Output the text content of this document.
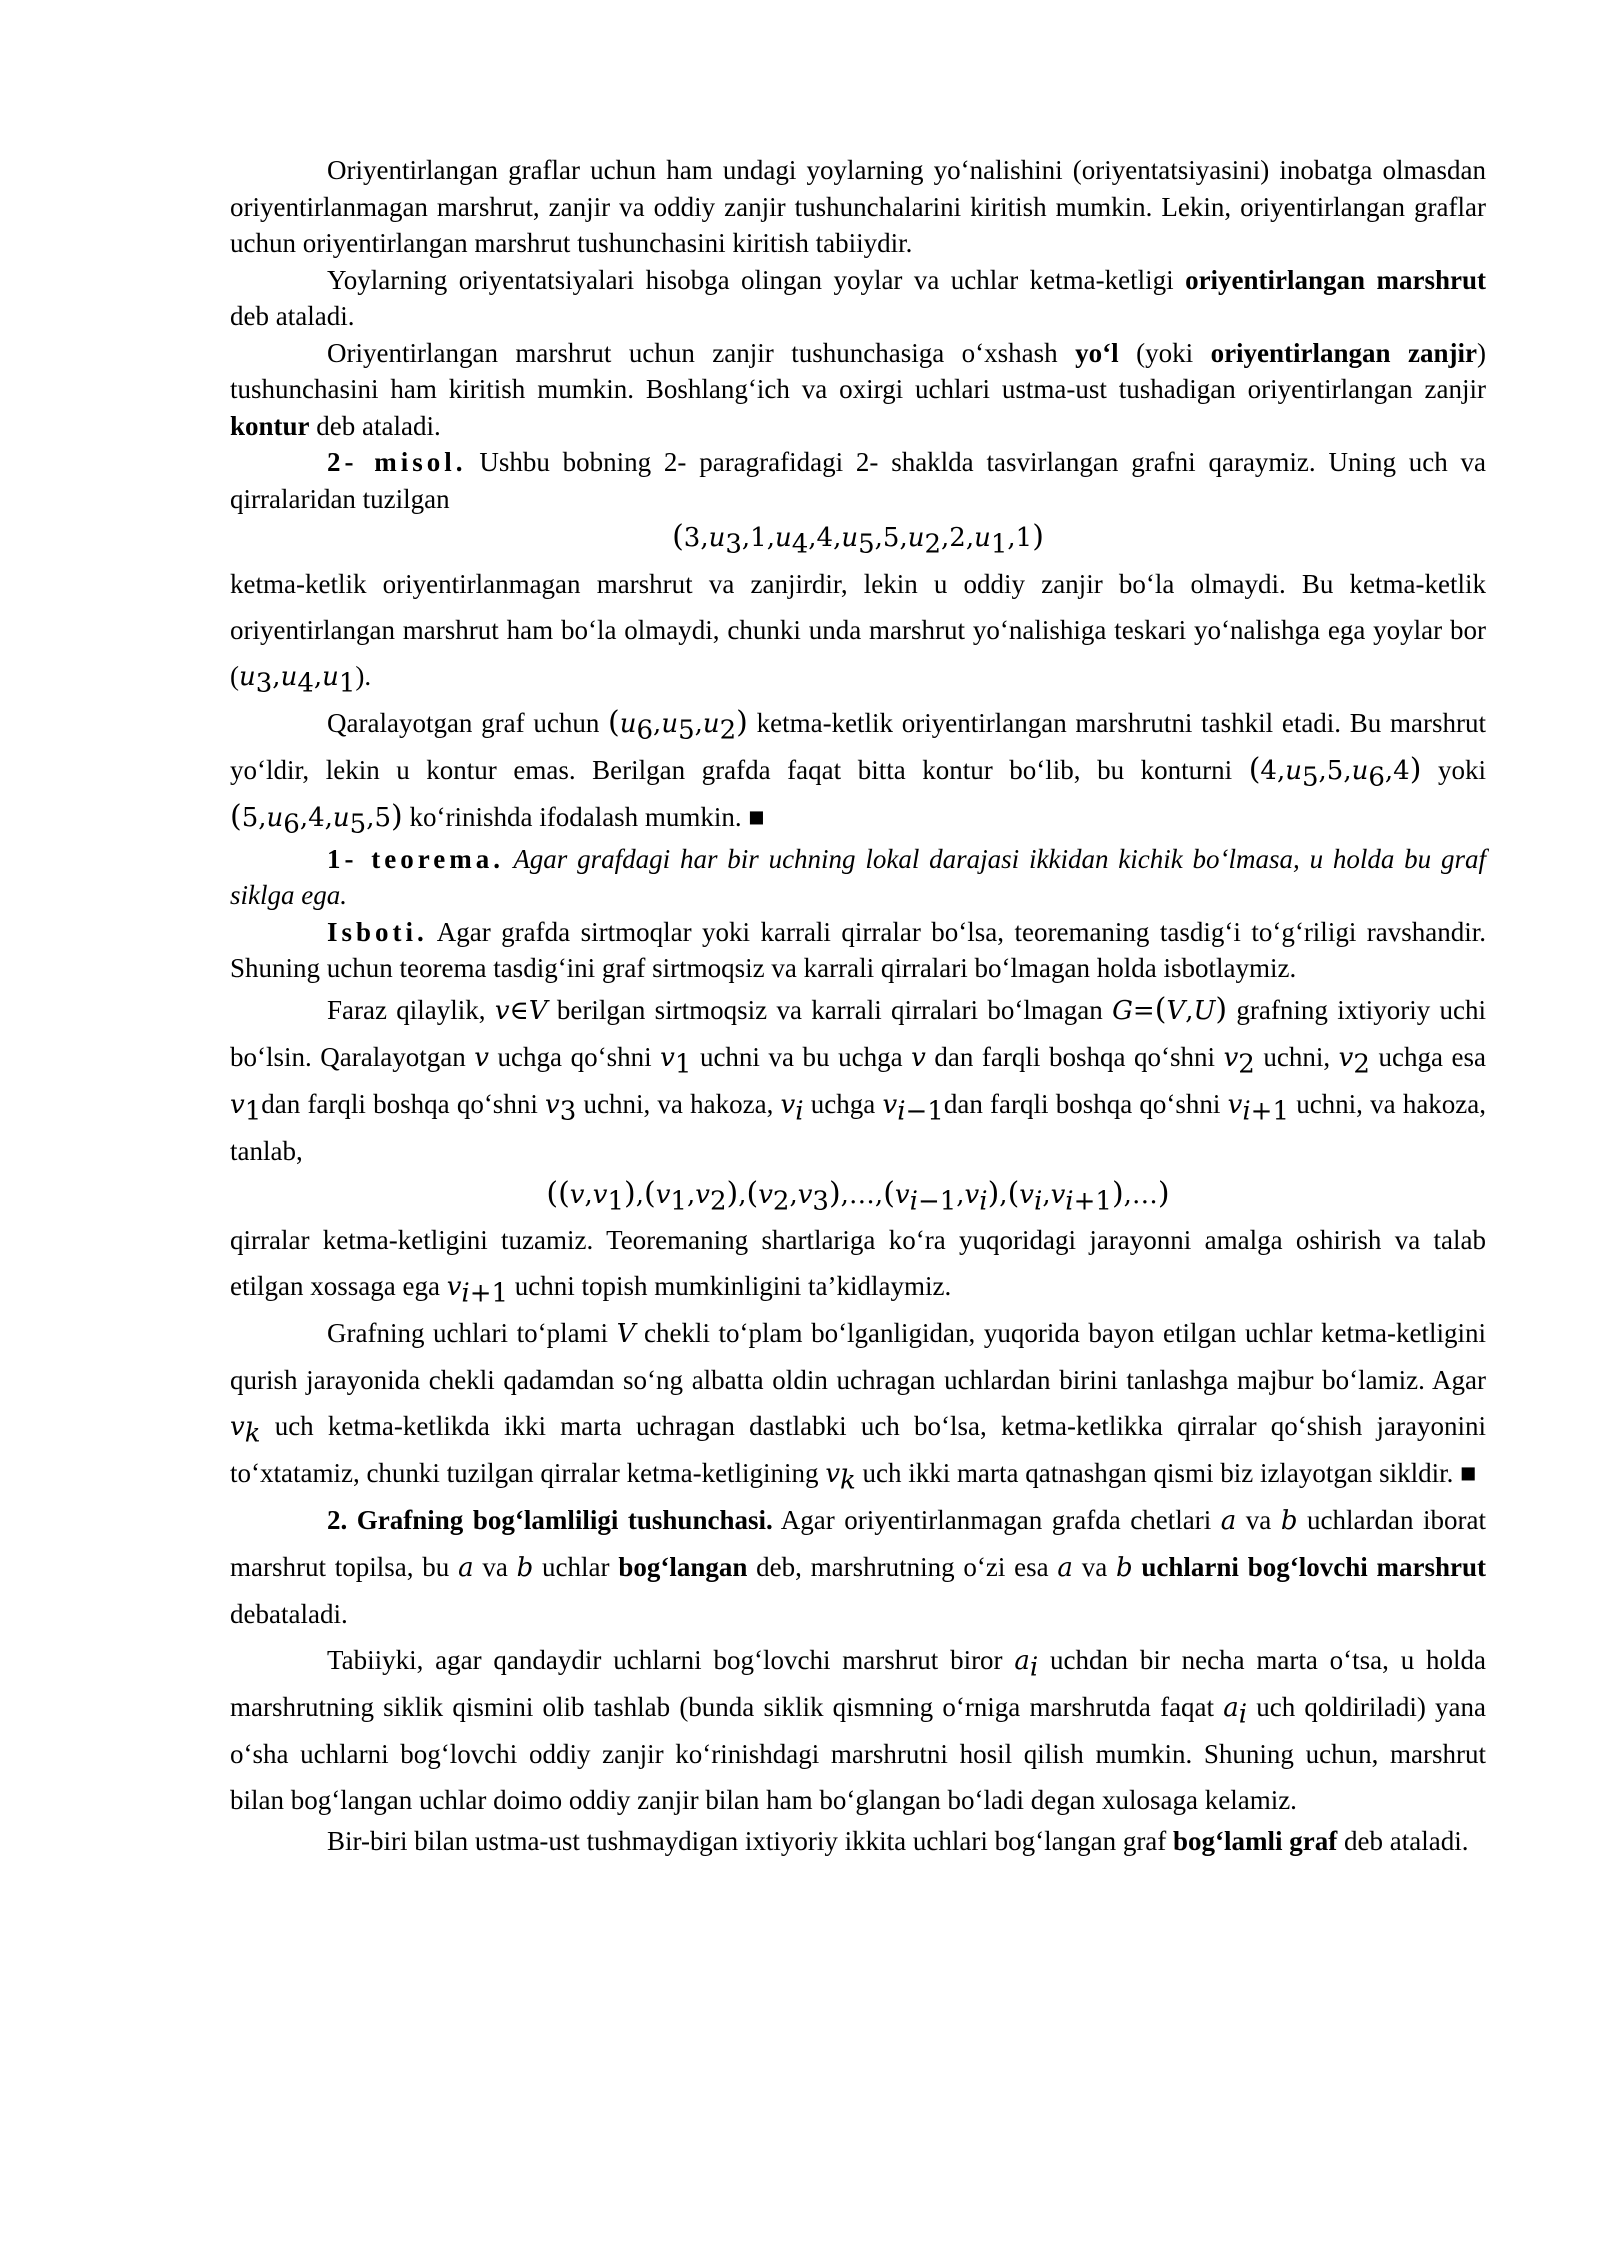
Oriyentirlangan graflar uchun ham undagi yoylarning yo‘nalishini (oriyentatsiyasini) inobatga olmasdan oriyentirlanmagan marshrut, zanjir va oddiy zanjir tushunchalarini kiritish mumkin. Lekin, oriyentirlangan graflar uchun oriyentirlangan marshrut tushunchasini kiritish tabiiydir.

Yoylarning oriyentatsiyalari hisobga olingan yoylar va uchlar ketma-ketligi oriyentirlangan marshrut deb ataladi.

Oriyentirlangan marshrut uchun zanjir tushunchasiga o‘xshash yo‘l (yoki oriyentirlangan zanjir) tushunchasini ham kiritish mumkin. Boshlang‘ich va oxirgi uchlari ustma-ust tushadigan oriyentirlangan zanjir kontur deb ataladi.

2- misol. Ushbu bobning 2- paragrafidagi 2- shaklda tasvirlangan grafni qaraymiz. Uning uch va qirralaridan tuzilgan

$(3,u_3,1,u_4,4,u_5,5,u_2,2,u_1,1)$

ketma-ketlik oriyentirlanmagan marshrut va zanjirdir, lekin u oddiy zanjir bo‘la olmaydi. Bu ketma-ketlik oriyentirlangan marshrut ham bo‘la olmaydi, chunki unda marshrut yo‘nalishiga teskari yo‘nalishga ega yoylar bor $(u_3,u_4,u_1)$.

Qaralayotgan graf uchun $(u_6,u_5,u_2)$ ketma-ketlik oriyentirlangan marshrutni tashkil etadi. Bu marshrut yo‘ldir, lekin u kontur emas. Berilgan grafda faqat bitta kontur bo‘lib, bu konturni $(4,u_5,5,u_6,4)$ yoki $(5,u_6,4,u_5,5)$ ko‘rinishda ifodalash mumkin. ■

1- teorema. Agar grafdagi har bir uchning lokal darajasi ikkidan kichik bo‘lmasa, u holda bu graf siklga ega.

Isboti. Agar grafda sirtmoqlar yoki karrali qirralar bo‘lsa, teoremaning tasdig‘i to‘g‘riligi ravshandir. Shuning uchun teorema tasdig‘ini graf sirtmoqsiz va karrali qirralari bo‘lmagan holda isbotlaymiz.

Faraz qilaylik, v∈V berilgan sirtmoqsiz va karrali qirralari bo‘lmagan G=(V,U) grafning ixtiyoriy uchi bo‘lsin. Qaralayotgan v uchga qo‘shni $v_1$ uchni va bu uchga v dan farqli boshqa qo‘shni $v_2$ uchni, $v_2$ uchga esa $v_1dan$ farqli boshqa qo‘shni $v_3$ uchni, va hakoza, $v_i$ uchga $v_{i-1}dan$ farqli boshqa qo‘shni $v_{i+1}$ uchni, va hakoza, tanlab,

$((v,v_1),(v_1,v_2),(v_2,v_3),\dots,(v_{i-1},v_i),(v_i,v_{i+1}),\dots)$

qirralar ketma-ketligini tuzamiz. Teoremaning shartlariga ko‘ra yuqoridagi jarayonni amalga oshirish va talab etilgan xossaga ega $v_{i+1}$ uchni topish mumkinligini ta’kidlaymiz.

Grafning uchlari to‘plami V chekli to‘plam bo‘lganligidan, yuqorida bayon etilgan uchlar ketma-ketligini qurish jarayonida chekli qadamdan so‘ng albatta oldin uchragan uchlardan birini tanlashga majbur bo‘lamiz. Agar $v_k$ uch ketma-ketlikda ikki marta uchragan dastlabki uch bo‘lsa, ketma-ketlikka qirralar qo‘shish jarayonini to‘xtatamiz, chunki tuzilgan qirralar ketma-ketligining $v_k$ uch ikki marta qatnashgan qismi biz izlayotgan sikldir. ■

2. Grafning bog‘lamliligi tushunchasi. Agar oriyentirlanmagan grafda chetlari a va b uchlardan iborat marshrut topilsa, bu a va b uchlar bog‘langan deb, marshrutning o‘zi esa a va b uchlarni bog‘lovchi marshrut debataladi.

Tabiiyki, agar qandaydir uchlarni bog‘lovchi marshrut biror $a_i$ uchdan bir necha marta o‘tsa, u holda marshrutning siklik qismini olib tashlab (bunda siklik qismning o‘rniga marshrutda faqat $a_i$ uch qoldiriladi) yana o‘sha uchlarni bog‘lovchi oddiy zanjir ko‘rinishdagi marshrutni hosil qilish mumkin. Shuning uchun, marshrut bilan bog‘langan uchlar doimo oddiy zanjir bilan ham bo‘glangan bo‘ladi degan xulosaga kelamiz.

Bir-biri bilan ustma-ust tushmaydigan ixtiyoriy ikkita uchlari bog‘langan graf bog‘lamli graf deb ataladi.
